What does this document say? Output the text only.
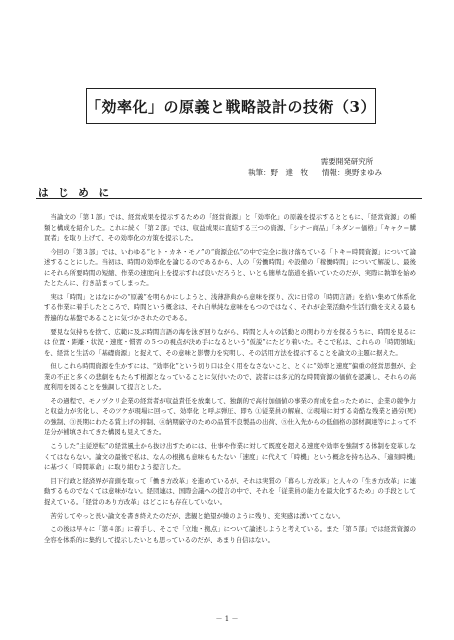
「効率化」の原義と戦略設計の技術（3）
需要開発研究所
執筆：野　達　牧 情報：奥野まゆみ
は じ め に

当論文の「第１部」では、経営成果を提示するための「経営資源」と「効率化」の原義を提示するとともに、「経営資源」の種類と構成を紹介した。これに続く「第２部」では、収益成果に直結する三つの資源、「シナー商品」「ネダン＝価格」「キャク＝購買者」を取り上げて、その効率化の方策を提示した。

今回の「第３部」では、いわゆる“ヒト・カネ・モノ”の“資源企仏”の中で完全に抜け落ちている「トキ＝時間資源」について論述することにした。当初は、時間の効率化を論じるのであるから、人の「労働時間」や設備の「稼働時間」について解説し、最後にそれら所要時間の短縮、作業の速度向上を提示すれば良いだろうと、いとも簡単な筋道を描いていたのだが、実際に執筆を始めたとたんに、行き詰まってしまった。

実は「時間」とはなにかの“原義”を明らかにしようと、浅薄辞典から意味を探り、次に日常の「時間言語」を拾い集めて体系化する作業に着手したところで、時間という概念は、それ自単純な意味をもつのではなく、それが企業活動や生活行動を支える最も普遍的な基盤であることに気づかされたのである。

要見な気持ちを捨て、広範に及ぶ時間言語の海を泳ぎ回りながら、時間と人々の活動との関わり方を探るうちに、時間を見るには 位置・距離・状況・速度・慣習 の５つの視点が決め手になるという“仮説”にたどり着いた。そこで私は、これらの「時間領域」を、経営と生活の「基礎資源」と捉えて、その意味と影響力を究明し、その活用方法を提示することを論文の主題に据えた。

但しこれら時間資源を生かすには、“効率化”という切り口は全く用をなさないこと、とくに“効率と速度”偏重の経営思想が、企業の不正と多くの悲劇をもたらす根源となっていることに気付いたので、読者には多元的な時間資源の価値を認識し、それらの高度利用を図ることを強調して提言とした。

その過程で、モノヅクリ企業の経営者が収益責任を放棄して、独創的で高付加価値の事業の育成を怠ったために、企業の競争力と収益力が劣化し、そのツケが現場に回って、効率化 と呼ぶ弾圧、即ち ①従業員の解雇、②現場に対する奇酷な残業と過労(死)の強制、③長期にわたる賃上げの抑制、④納期厳守のための品質不良製品の出荷、⑤仕入先からの低価格の部材調達等によって不足分が補填されてきた構図も見えてきた。

こうした“主従逆転”の経営風土から抜け出すためには、仕事や作業に対して既度を超える速度や効率を強制する体制を変革しなくてはならない。論文の最後で私は、なんの根拠も意味ももたない「速度」に代えて「時機」という概念を持ち込み、「適刻時機」に基づく「時間革命」に取り組むよう提言した。

目下行政と経済界が音頭を取って「働き方改革」を進めているが、それは実質の「暮らし方改革」と人々の「生き方改革」に連動するものでなくては意味がない。経団連は、国際会議への提言の中で、それを「従業員の能力を最大化するため」の手段として捉えている。「経営のあり方改革」はどこにも存在していない。

苦労してやっと長い論文を書き終えたのだが、悲観と絶望が繰のように残り、充実感は湧いてこない。

この後は早々に「第４部」に着手し、そこで「立地・拠点」について論述しようと考えている。また「第５部」では経営資源の全容を体系的に集約して提示したいとも思っているのだが、あまり自信はない。

－ 1 －
